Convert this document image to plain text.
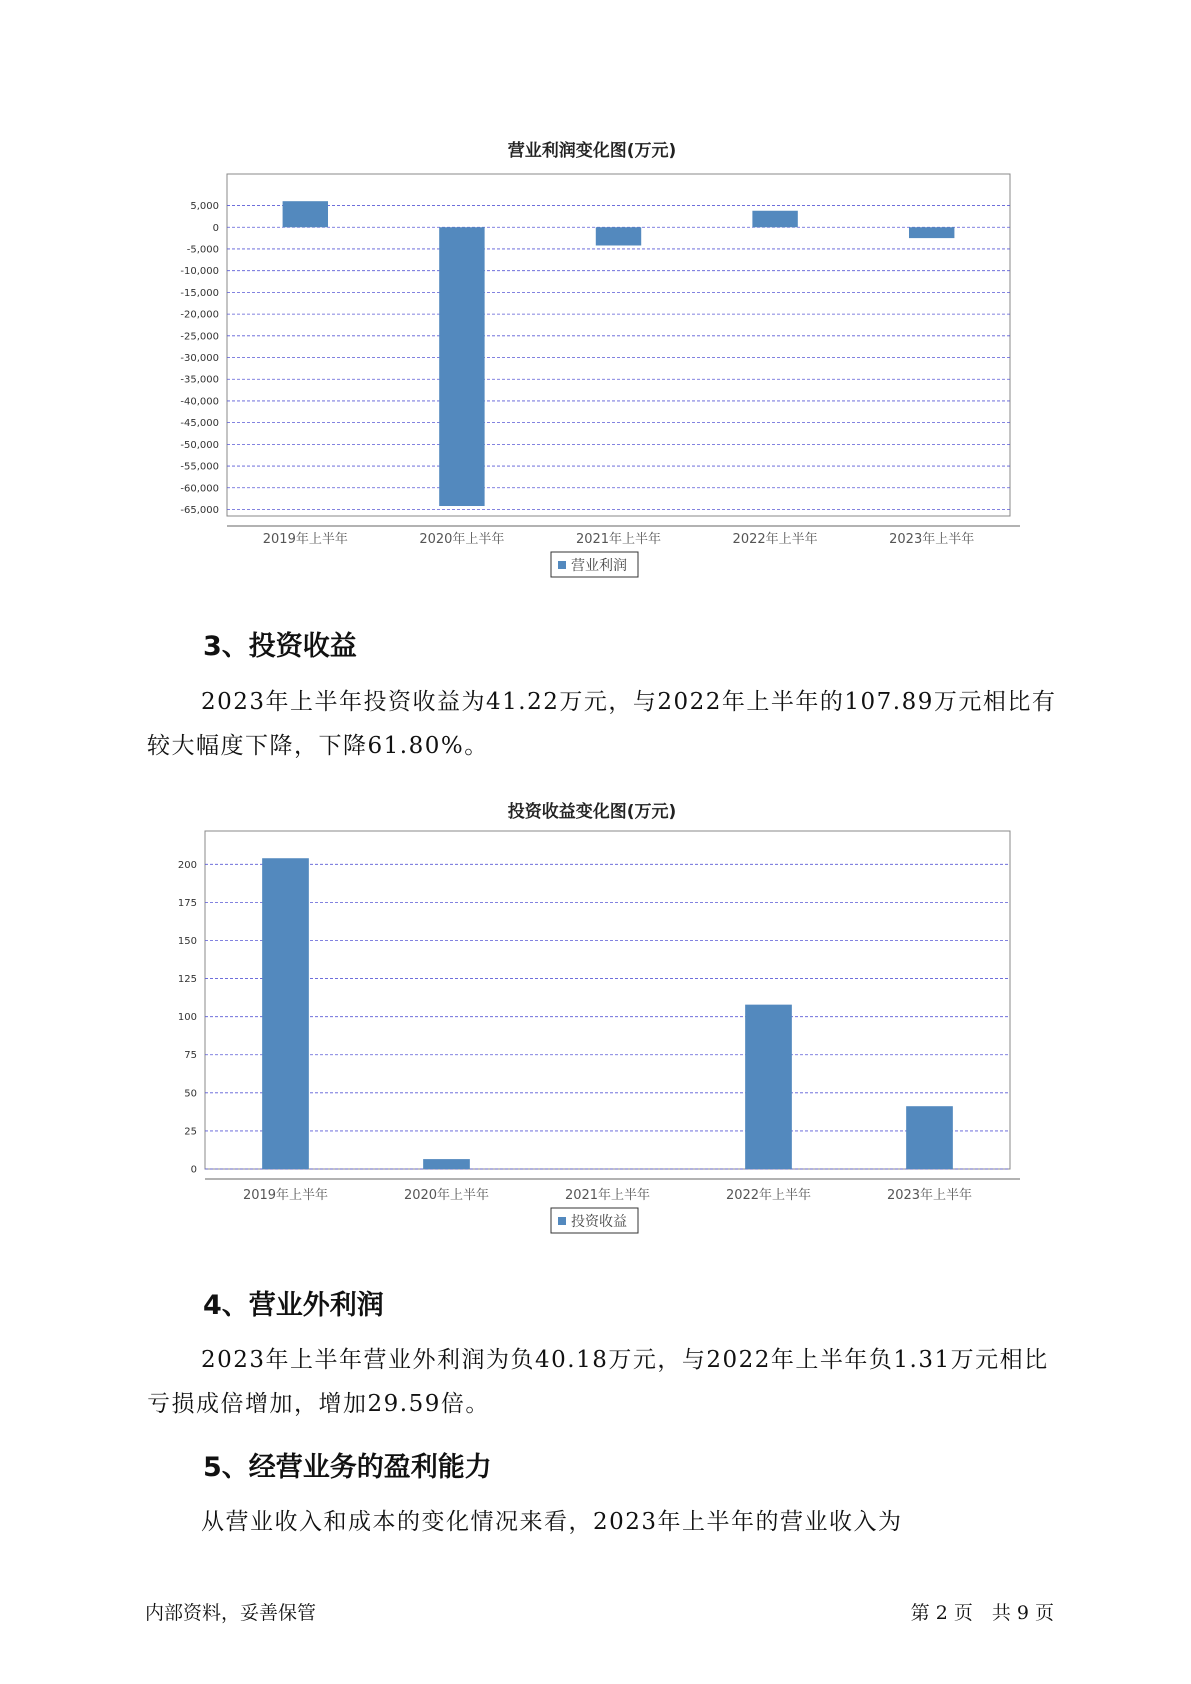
营业利润变化图(万元)
5,000
0
-5,000
-10,000
-15,000
-20,000
-25,000
-30,000
-35,000
-40,000
-45,000
-50,000
-55,000
-60,000
-65,000
2019年上半年	2020年上半年	2021年上半年	2022年上半年	2023年上半年
营业利润
3、投资收益

2023年上半年投资收益为41.22万元，与2022年上半年的107.89万元相比有较大幅度下降，下降61.80%。

投资收益变化图(万元)
200
175
150
125
100
75
50
25
0
2019年上半年	2020年上半年	2021年上半年	2022年上半年	2023年上半年
投资收益
4、营业外利润

2023年上半年营业外利润为负40.18万元，与2022年上半年负1.31万元相比亏损成倍增加，增加29.59倍。

5、经营业务的盈利能力

从营业收入和成本的变化情况来看，2023年上半年的营业收入为

内部资料，妥善保管	第 2 页　共 9 页
